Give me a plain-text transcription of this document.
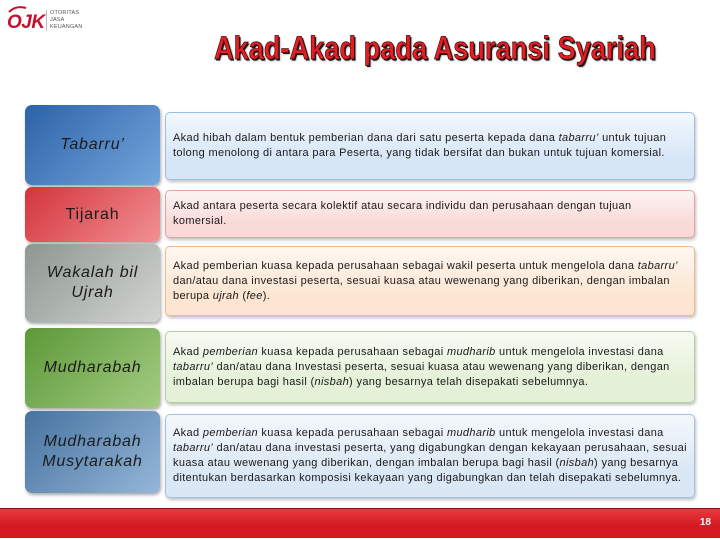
OJK OTORITAS
JASA
KEUANGAN
Akad-Akad pada Asuransi Syariah
Tabarru’	Akad hibah dalam bentuk pemberian dana dari satu peserta kepada dana tabarru’ untuk tujuan tolong menolong di antara para Peserta, yang tidak bersifat dan bukan untuk tujuan komersial.

Tijarah	Akad antara peserta secara kolektif atau secara individu dan perusahaan dengan tujuan komersial.

Wakalah bil Ujrah

Akad pemberian kuasa kepada perusahaan sebagai wakil peserta untuk mengelola dana tabarru’ dan/atau dana investasi peserta, sesuai kuasa atau wewenang yang diberikan, dengan imbalan berupa ujrah (fee).

Mudharabah

Akad pemberian kuasa kepada perusahaan sebagai mudharib untuk mengelola investasi dana tabarru’ dan/atau dana Investasi peserta, sesuai kuasa atau wewenang yang diberikan, dengan imbalan berupa bagi hasil (nisbah) yang besarnya telah disepakati sebelumnya.

Mudharabah Musytarakah

Akad pemberian kuasa kepada perusahaan sebagai mudharib untuk mengelola investasi dana tabarru’ dan/atau dana investasi peserta, yang digabungkan dengan kekayaan perusahaan, sesuai kuasa atau wewenang yang diberikan, dengan imbalan berupa bagi hasil (nisbah) yang besarnya ditentukan berdasarkan komposisi kekayaan yang digabungkan dan telah disepakati sebelumnya.

18
